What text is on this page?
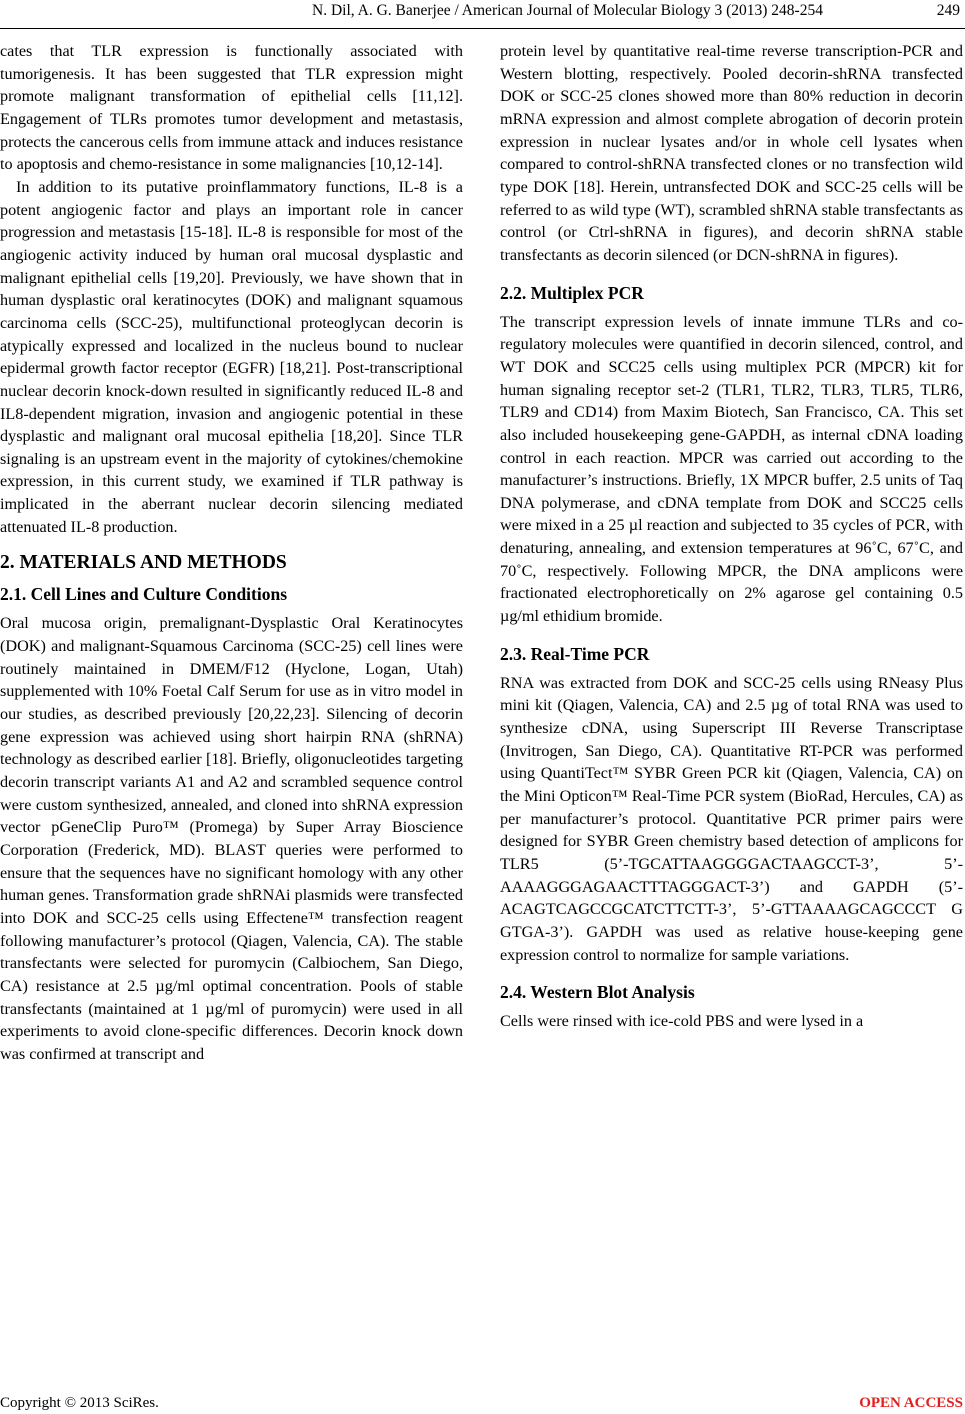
N. Dil, A. G. Banerjee / American Journal of Molecular Biology 3 (2013) 248-254	249

cates that TLR expression is functionally associated with tumorigenesis. It has been suggested that TLR expression might promote malignant transformation of epithelial cells [11,12]. Engagement of TLRs promotes tumor development and metastasis, protects the cancerous cells from immune attack and induces resistance to apoptosis and chemo-resistance in some malignancies [10,12-14].

In addition to its putative proinflammatory functions, IL-8 is a potent angiogenic factor and plays an important role in cancer progression and metastasis [15-18]. IL-8 is responsible for most of the angiogenic activity induced by human oral mucosal dysplastic and malignant epithelial cells [19,20]. Previously, we have shown that in human dysplastic oral keratinocytes (DOK) and malignant squamous carcinoma cells (SCC-25), multifunctional proteoglycan decorin is atypically expressed and localized in the nucleus bound to nuclear epidermal growth factor receptor (EGFR) [18,21]. Post-transcriptional nuclear decorin knock-down resulted in significantly reduced IL-8 and IL8-dependent migration, invasion and angiogenic potential in these dysplastic and malignant oral mucosal epithelia [18,20]. Since TLR signaling is an upstream event in the majority of cytokines/chemokine expression, in this current study, we examined if TLR pathway is implicated in the aberrant nuclear decorin silencing mediated attenuated IL-8 production.

2. MATERIALS AND METHODS
2.1. Cell Lines and Culture Conditions

Oral mucosa origin, premalignant-Dysplastic Oral Keratinocytes (DOK) and malignant-Squamous Carcinoma (SCC-25) cell lines were routinely maintained in DMEM/F12 (Hyclone, Logan, Utah) supplemented with 10% Foetal Calf Serum for use as in vitro model in our studies, as described previously [20,22,23]. Silencing of decorin gene expression was achieved using short hairpin RNA (shRNA) technology as described earlier [18]. Briefly, oligonucleotides targeting decorin transcript variants A1 and A2 and scrambled sequence control were custom synthesized, annealed, and cloned into shRNA expression vector pGeneClip Puro™ (Promega) by Super Array Bioscience Corporation (Frederick, MD). BLAST queries were performed to ensure that the sequences have no significant homology with any other human genes. Transformation grade shRNAi plasmids were transfected into DOK and SCC-25 cells using Effectene™ transfection reagent following manufacturer’s protocol (Qiagen, Valencia, CA). The stable transfectants were selected for puromycin (Calbiochem, San Diego, CA) resistance at 2.5 µg/ml optimal concentration. Pools of stable transfectants (maintained at 1 µg/ml of puromycin) were used in all experiments to avoid clone-specific differences. Decorin knock down was confirmed at transcript and

protein level by quantitative real-time reverse transcription-PCR and Western blotting, respectively. Pooled decorin-shRNA transfected DOK or SCC-25 clones showed more than 80% reduction in decorin mRNA expression and almost complete abrogation of decorin protein expression in nuclear lysates and/or in whole cell lysates when compared to control-shRNA transfected clones or no transfection wild type DOK [18]. Herein, untransfected DOK and SCC-25 cells will be referred to as wild type (WT), scrambled shRNA stable transfectants as control (or Ctrl-shRNA in figures), and decorin shRNA stable transfectants as decorin silenced (or DCN-shRNA in figures).

2.2. Multiplex PCR

The transcript expression levels of innate immune TLRs and co-regulatory molecules were quantified in decorin silenced, control, and WT DOK and SCC25 cells using multiplex PCR (MPCR) kit for human signaling receptor set-2 (TLR1, TLR2, TLR3, TLR5, TLR6, TLR9 and CD14) from Maxim Biotech, San Francisco, CA. This set also included housekeeping gene-GAPDH, as internal cDNA loading control in each reaction. MPCR was carried out according to the manufacturer’s instructions. Briefly, 1X MPCR buffer, 2.5 units of Taq DNA polymerase, and cDNA template from DOK and SCC25 cells were mixed in a 25 µl reaction and subjected to 35 cycles of PCR, with denaturing, annealing, and extension temperatures at 96˚C, 67˚C, and 70˚C, respectively. Following MPCR, the DNA amplicons were fractionated electrophoretically on 2% agarose gel containing 0.5 µg/ml ethidium bromide.

2.3. Real-Time PCR

RNA was extracted from DOK and SCC-25 cells using RNeasy Plus mini kit (Qiagen, Valencia, CA) and 2.5 µg of total RNA was used to synthesize cDNA, using Superscript III Reverse Transcriptase (Invitrogen, San Diego, CA). Quantitative RT-PCR was performed using QuantiTect™ SYBR Green PCR kit (Qiagen, Valencia, CA) on the Mini Opticon™ Real-Time PCR system (BioRad, Hercules, CA) as per manufacturer’s protocol. Quantitative PCR primer pairs were designed for SYBR Green chemistry based detection of amplicons for TLR5 (5’-TGCATTAAGGGGACTAAGCCT-3’, 5’-AAAAGGGAGAACTTTAGGGACT-3’) and GAPDH (5’-ACAGTCAGCCGCATCTTCTT-3’, 5’-GTTAAAAGCAGCCCT G GTGA-3’). GAPDH was used as relative house-keeping gene expression control to normalize for sample variations.

2.4. Western Blot Analysis

Cells were rinsed with ice-cold PBS and were lysed in a

Copyright © 2013 SciRes.	OPEN ACCESS
